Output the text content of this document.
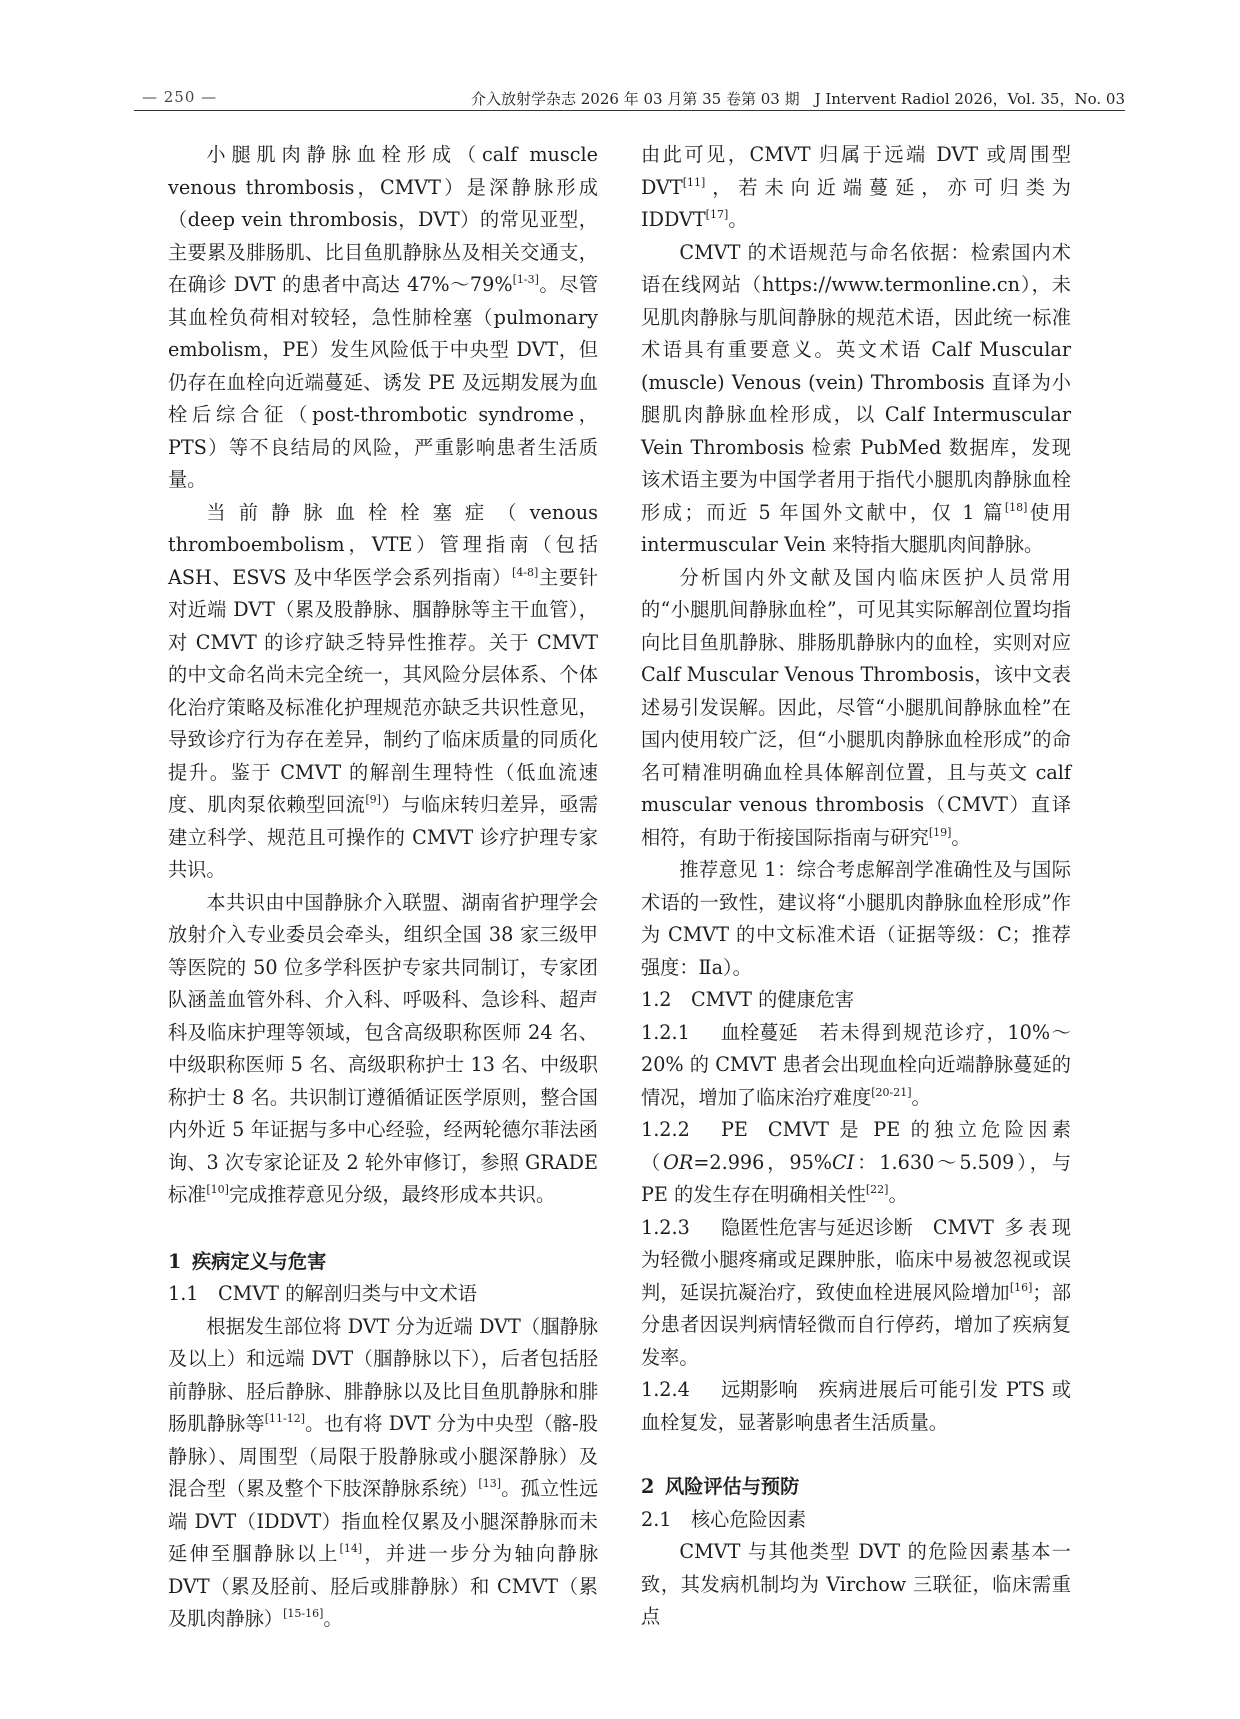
— 250 —	介入放射学杂志 2026 年 03 月第 35 卷第 03 期　J Intervent Radiol 2026，Vol. 35，No. 03

小腿肌肉静脉血栓形成（calf muscle venous thrombosis，CMVT）是深静脉形成（deep vein thrombosis，DVT）的常见亚型，主要累及腓肠肌、比目鱼肌静脉丛及相关交通支，在确诊 DVT 的患者中高达 47%～79%[1-3]。尽管其血栓负荷相对较轻，急性肺栓塞（pulmonary embolism，PE）发生风险低于中央型 DVT，但仍存在血栓向近端蔓延、诱发 PE 及远期发展为血栓后综合征（post-thrombotic syndrome，PTS）等不良结局的风险，严重影响患者生活质量。

当前静脉血栓栓塞症（venous thromboembolism，VTE）管理指南（包括 ASH、ESVS 及中华医学会系列指南）[4-8]主要针对近端 DVT（累及股静脉、腘静脉等主干血管），对 CMVT 的诊疗缺乏特异性推荐。关于 CMVT 的中文命名尚未完全统一，其风险分层体系、个体化治疗策略及标准化护理规范亦缺乏共识性意见，导致诊疗行为存在差异，制约了临床质量的同质化提升。鉴于 CMVT 的解剖生理特性（低血流速度、肌肉泵依赖型回流[9]）与临床转归差异，亟需建立科学、规范且可操作的 CMVT 诊疗护理专家共识。

本共识由中国静脉介入联盟、湖南省护理学会放射介入专业委员会牵头，组织全国 38 家三级甲等医院的 50 位多学科医护专家共同制订，专家团队涵盖血管外科、介入科、呼吸科、急诊科、超声科及临床护理等领域，包含高级职称医师 24 名、中级职称医师 5 名、高级职称护士 13 名、中级职称护士 8 名。共识制订遵循循证医学原则，整合国内外近 5 年证据与多中心经验，经两轮德尔菲法函询、3 次专家论证及 2 轮外审修订，参照 GRADE 标准[10]完成推荐意见分级，最终形成本共识。

1 疾病定义与危害
1.1 CMVT 的解剖归类与中文术语

根据发生部位将 DVT 分为近端 DVT（腘静脉及以上）和远端 DVT（腘静脉以下），后者包括胫前静脉、胫后静脉、腓静脉以及比目鱼肌静脉和腓肠肌静脉等[11-12]。也有将 DVT 分为中央型（髂-股静脉）、周围型（局限于股静脉或小腿深静脉）及混合型（累及整个下肢深静脉系统）[13]。孤立性远端 DVT（IDDVT）指血栓仅累及小腿深静脉而未延伸至腘静脉以上[14]，并进一步分为轴向静脉 DVT（累及胫前、胫后或腓静脉）和 CMVT（累及肌肉静脉）[15-16]。

由此可见，CMVT 归属于远端 DVT 或周围型 DVT[11]，若未向近端蔓延，亦可归类为 IDDVT[17]。

CMVT 的术语规范与命名依据：检索国内术语在线网站（https://www.termonline.cn），未见肌肉静脉与肌间静脉的规范术语，因此统一标准术语具有重要意义。英文术语 Calf Muscular (muscle) Venous (vein) Thrombosis 直译为小腿肌肉静脉血栓形成，以 Calf Intermuscular Vein Thrombosis 检索 PubMed 数据库，发现该术语主要为中国学者用于指代小腿肌肉静脉血栓形成；而近 5 年国外文献中，仅 1 篇[18]使用 intermuscular Vein 来特指大腿肌肉间静脉。

分析国内外文献及国内临床医护人员常用的“小腿肌间静脉血栓”，可见其实际解剖位置均指向比目鱼肌静脉、腓肠肌静脉内的血栓，实则对应 Calf Muscular Venous Thrombosis，该中文表述易引发误解。因此，尽管“小腿肌间静脉血栓”在国内使用较广泛，但“小腿肌肉静脉血栓形成”的命名可精准明确血栓具体解剖位置，且与英文 calf muscular venous thrombosis（CMVT）直译相符，有助于衔接国际指南与研究[19]。

推荐意见 1：综合考虑解剖学准确性及与国际术语的一致性，建议将“小腿肌肉静脉血栓形成”作为 CMVT 的中文标准术语（证据等级：C；推荐强度：Ⅱa）。

1.2 CMVT 的健康危害

1.2.1 血栓蔓延 若未得到规范诊疗，10%～20% 的 CMVT 患者会出现血栓向近端静脉蔓延的情况，增加了临床治疗难度[20-21]。

1.2.2 PE CMVT 是 PE 的独立危险因素（OR=2.996，95%CI：1.630～5.509），与 PE 的发生存在明确相关性[22]。

1.2.3 隐匿性危害与延迟诊断 CMVT 多表现为轻微小腿疼痛或足踝肿胀，临床中易被忽视或误判，延误抗凝治疗，致使血栓进展风险增加[16]；部分患者因误判病情轻微而自行停药，增加了疾病复发率。

1.2.4 远期影响 疾病进展后可能引发 PTS 或血栓复发，显著影响患者生活质量。

2 风险评估与预防
2.1 核心危险因素

CMVT 与其他类型 DVT 的危险因素基本一致，其发病机制均为 Virchow 三联征，临床需重点
